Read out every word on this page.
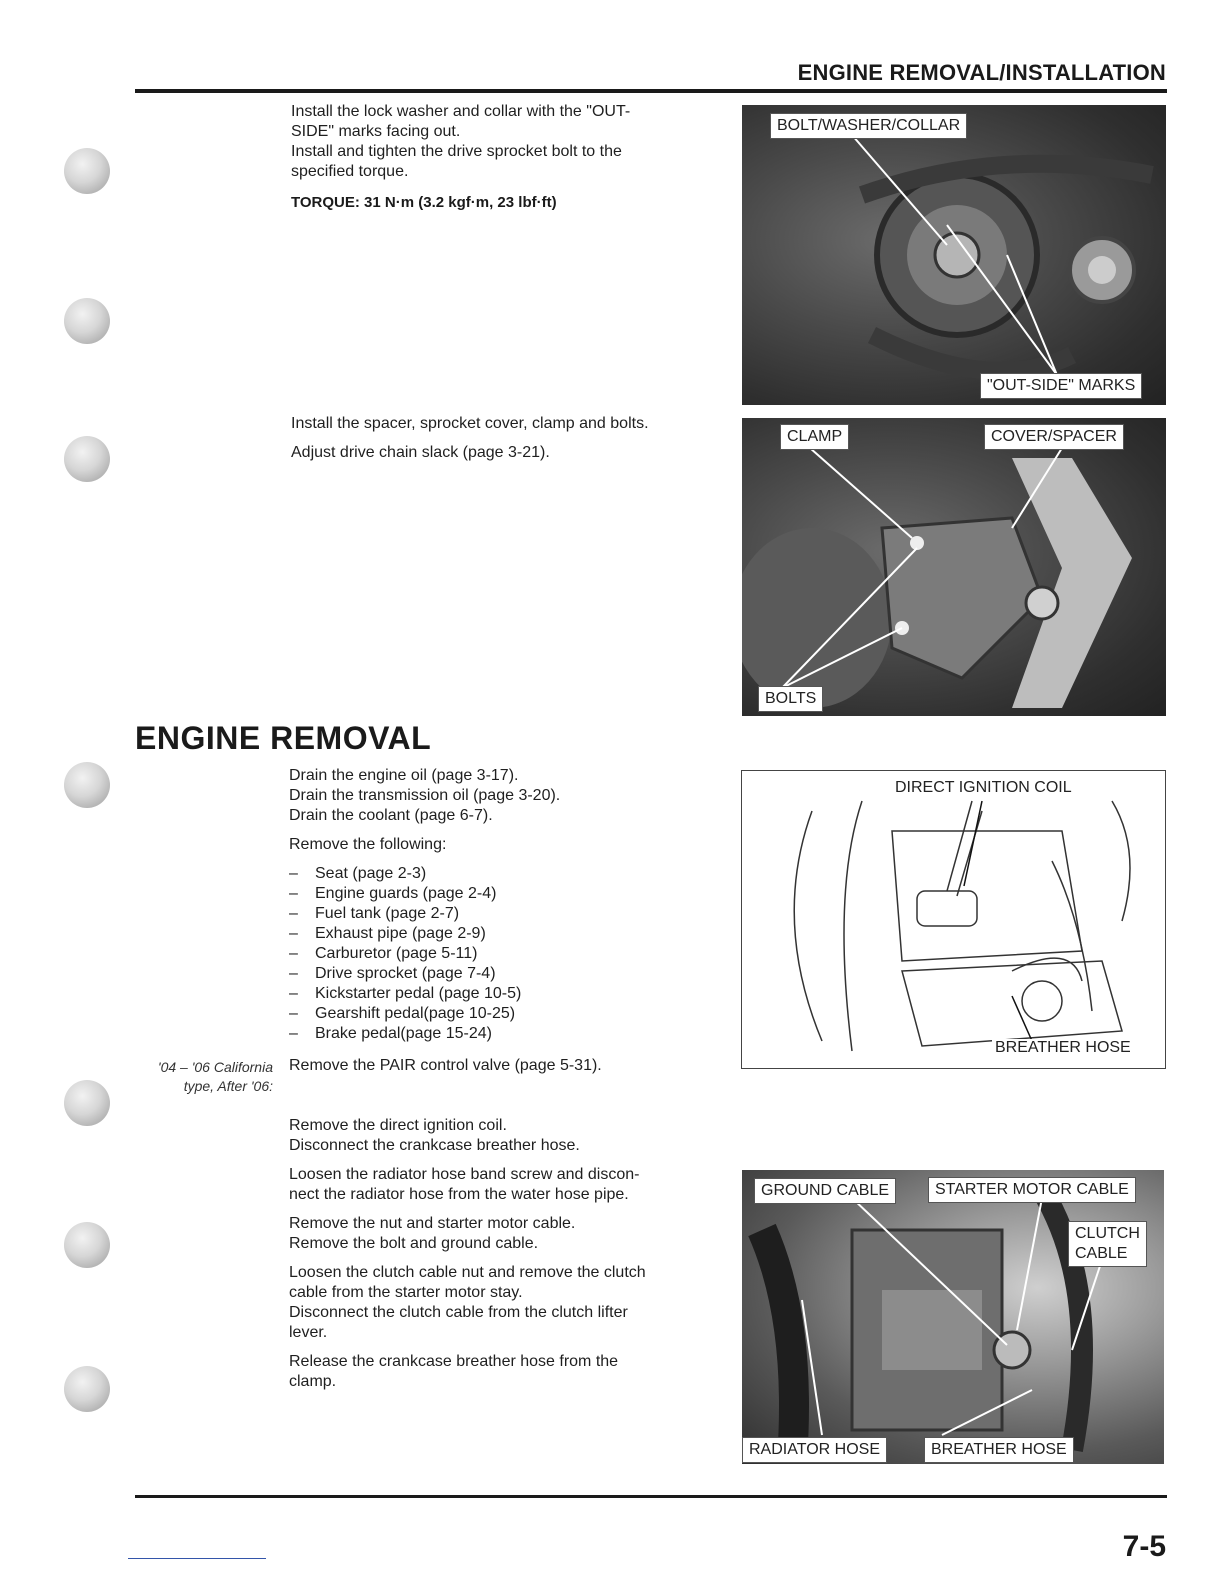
ENGINE REMOVAL/INSTALLATION
Install the lock washer and collar with the "OUT-
SIDE" marks facing out.
Install and tighten the drive sprocket bolt to the
specified torque.
TORQUE: 31 N·m (3.2 kgf·m, 23 lbf·ft)
BOLT/WASHER/COLLAR
"OUT-SIDE" MARKS

Install the spacer, sprocket cover, clamp and bolts.

Adjust drive chain slack (page 3-21).

CLAMP	COVER/SPACER
BOLTS
ENGINE REMOVAL

Drain the engine oil (page 3-17).
Drain the transmission oil (page 3-20).
Drain the coolant (page 6-7).

Remove the following:

– Seat (page 2-3)
– Engine guards (page 2-4)
– Fuel tank (page 2-7)
– Exhaust pipe (page 2-9)
– Carburetor (page 5-11)
– Drive sprocket (page 7-4)
– Kickstarter pedal (page 10-5)
– Gearshift pedal(page 10-25)
– Brake pedal(page 15-24)
'04 – '06 California
type, After '06:
Remove the PAIR control valve (page 5-31).
DIRECT IGNITION COIL
BREATHER HOSE

Remove the direct ignition coil.
Disconnect the crankcase breather hose.

Loosen the radiator hose band screw and discon-
nect the radiator hose from the water hose pipe.

Remove the nut and starter motor cable.
Remove the bolt and ground cable.

Loosen the clutch cable nut and remove the clutch
cable from the starter motor stay.
Disconnect the clutch cable from the clutch lifter
lever.

Release the crankcase breather hose from the
clamp.

GROUND CABLE	STARTER MOTOR CABLE
CLUTCH
CABLE
RADIATOR HOSE	BREATHER HOSE
7-5
